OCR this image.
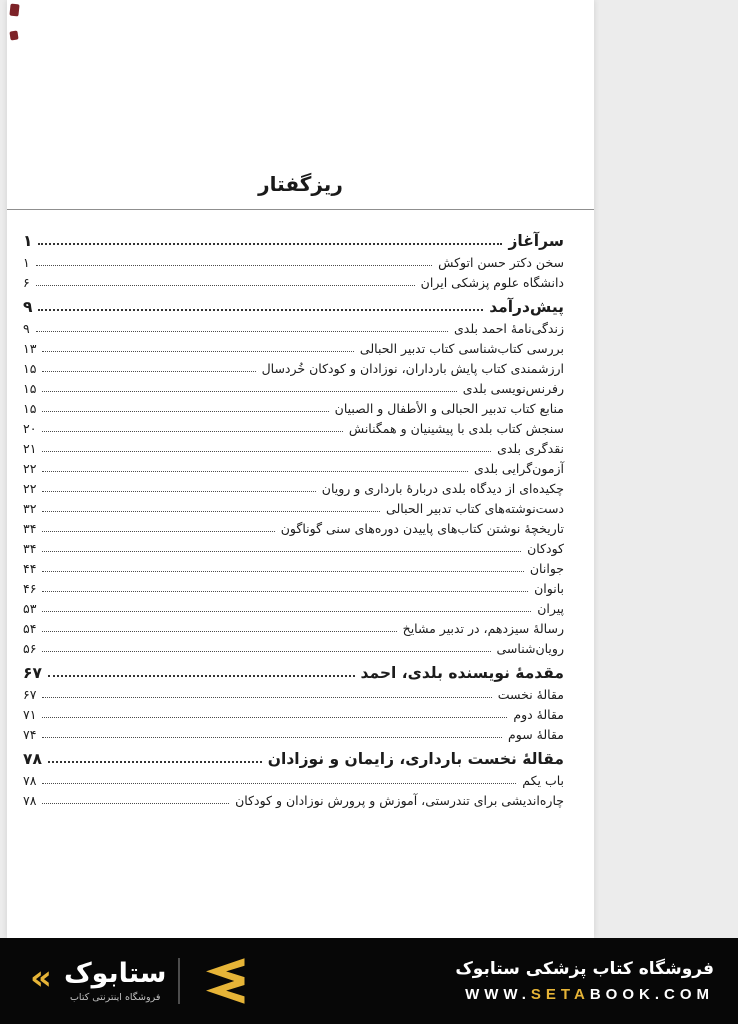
ریزگفتار
سرآغاز
۱
سخن دکتر حسن اتوکش
۱
دانشگاه علوم پزشکی ایران
۶
پیش‌درآمد
۹
زندگی‌نامهٔ احمد بلدی
۹
بررسی کتاب‌شناسی کتاب تدبیر الحبالی
۱۳
ارزشمندی کتاب پایش بارداران، نوزادان و کودکان خُردسال
۱۵
رفرنس‌نویسی بلدی
۱۵
منابع کتاب تدبیر الحبالی و الأطفال و الصبیان
۱۵
سنجش کتاب بلدی با پیشینیان و همگنانش
۲۰
نقدگری بلدی
۲۱
آزمون‌گرایی بلدی
۲۲
چکیده‌ای از دیدگاه بلدی دربارهٔ بارداری و رویان
۲۲
دست‌نوشته‌های کتاب تدبیر الحبالی
۳۲
تاریخچهٔ نوشتن کتاب‌های پاییدن دوره‌های سنی گوناگون
۳۴
کودکان
۳۴
جوانان
۴۴
بانوان
۴۶
پیران
۵۳
رسالهٔ سیزدهم، در تدبیر مشایخ
۵۴
رویان‌شناسی
۵۶
مقدمهٔ نویسنده بلدی، احمد
۶۷
مقالهٔ نخست
۶۷
مقالهٔ دوم
۷۱
مقالهٔ سوم
۷۴
مقالهٔ نخست بارداری، زایمان و نوزادان
۷۸
باب یکم
۷۸
چاره‌اندیشی برای تندرستی، آموزش و پرورش نوزادان و کودکان
۷۸
« ستابوک
فروشگاه اینترنتی کتاب
فروشگاه کتاب پزشکی ستابوک
WWW.SETABOOK.COM
